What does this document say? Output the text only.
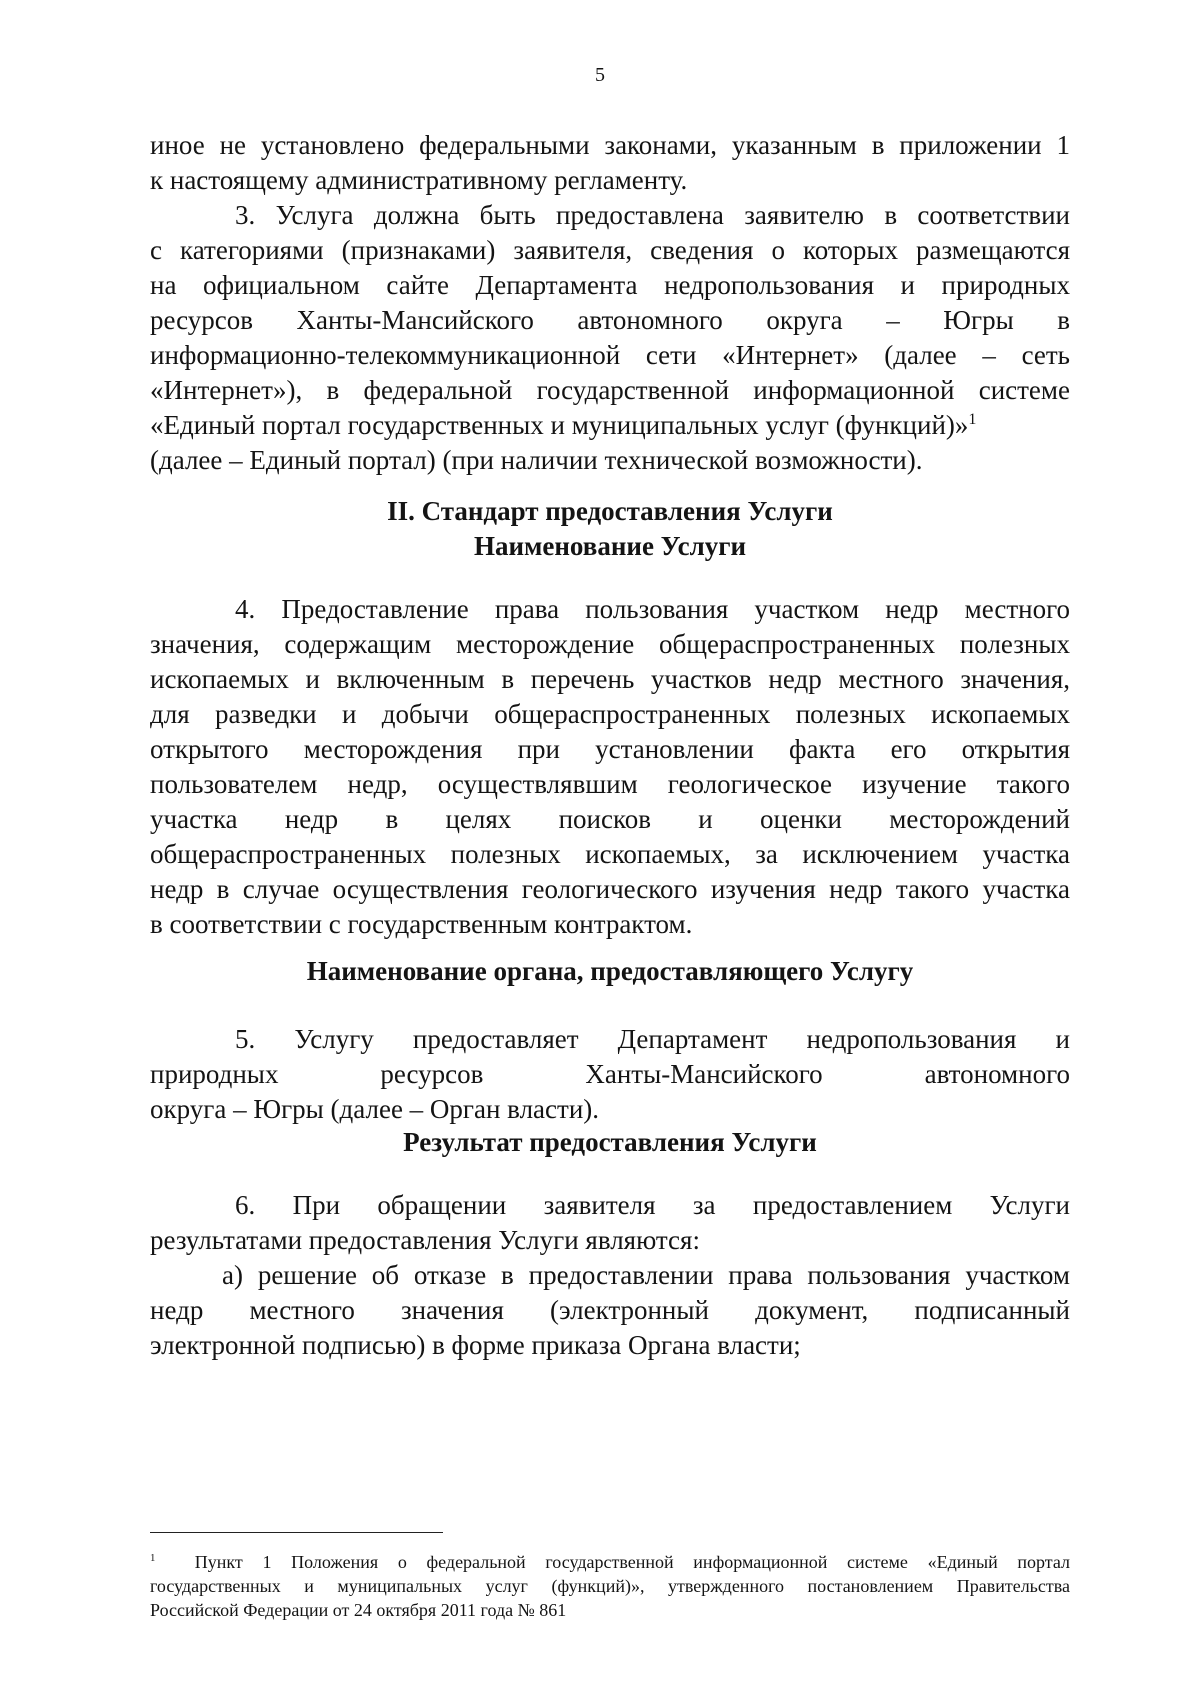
5
иное не установлено федеральными законами, указанным в приложении 1
к настоящему административному регламенту.
3. Услуга должна быть предоставлена заявителю в соответствии
с категориями (признаками) заявителя, сведения о которых размещаются
на официальном сайте Департамента недропользования и природных
ресурсов Ханты-Мансийского автономного округа – Югры в
информационно-телекоммуникационной сети «Интернет» (далее – сеть
«Интернет»), в федеральной государственной информационной системе
«Единый портал государственных и муниципальных услуг (функций)»$^1$
(далее – Единый портал) (при наличии технической возможности).
II. Стандарт предоставления Услуги
Наименование Услуги
4. Предоставление права пользования участком недр местного
значения, содержащим месторождение общераспространенных полезных
ископаемых и включенным в перечень участков недр местного значения,
для разведки и добычи общераспространенных полезных ископаемых
открытого месторождения при установлении факта его открытия
пользователем недр, осуществлявшим геологическое изучение такого
участка недр в целях поисков и оценки месторождений
общераспространенных полезных ископаемых, за исключением участка
недр в случае осуществления геологического изучения недр такого участка
в соответствии с государственным контрактом.
Наименование органа, предоставляющего Услугу
5. Услугу предоставляет Департамент недропользования и
природных ресурсов Ханты-Мансийского автономного
округа – Югры (далее – Орган власти).
Результат предоставления Услуги
6. При обращении заявителя за предоставлением Услуги
результатами предоставления Услуги являются:
а) решение об отказе в предоставлении права пользования участком
недр местного значения (электронный документ, подписанный
электронной подписью) в форме приказа Органа власти;
$^1$ Пункт 1 Положения о федеральной государственной информационной системе «Единый портал
государственных и муниципальных услуг (функций)», утвержденного постановлением Правительства
Российской Федерации от 24 октября 2011 года № 861
